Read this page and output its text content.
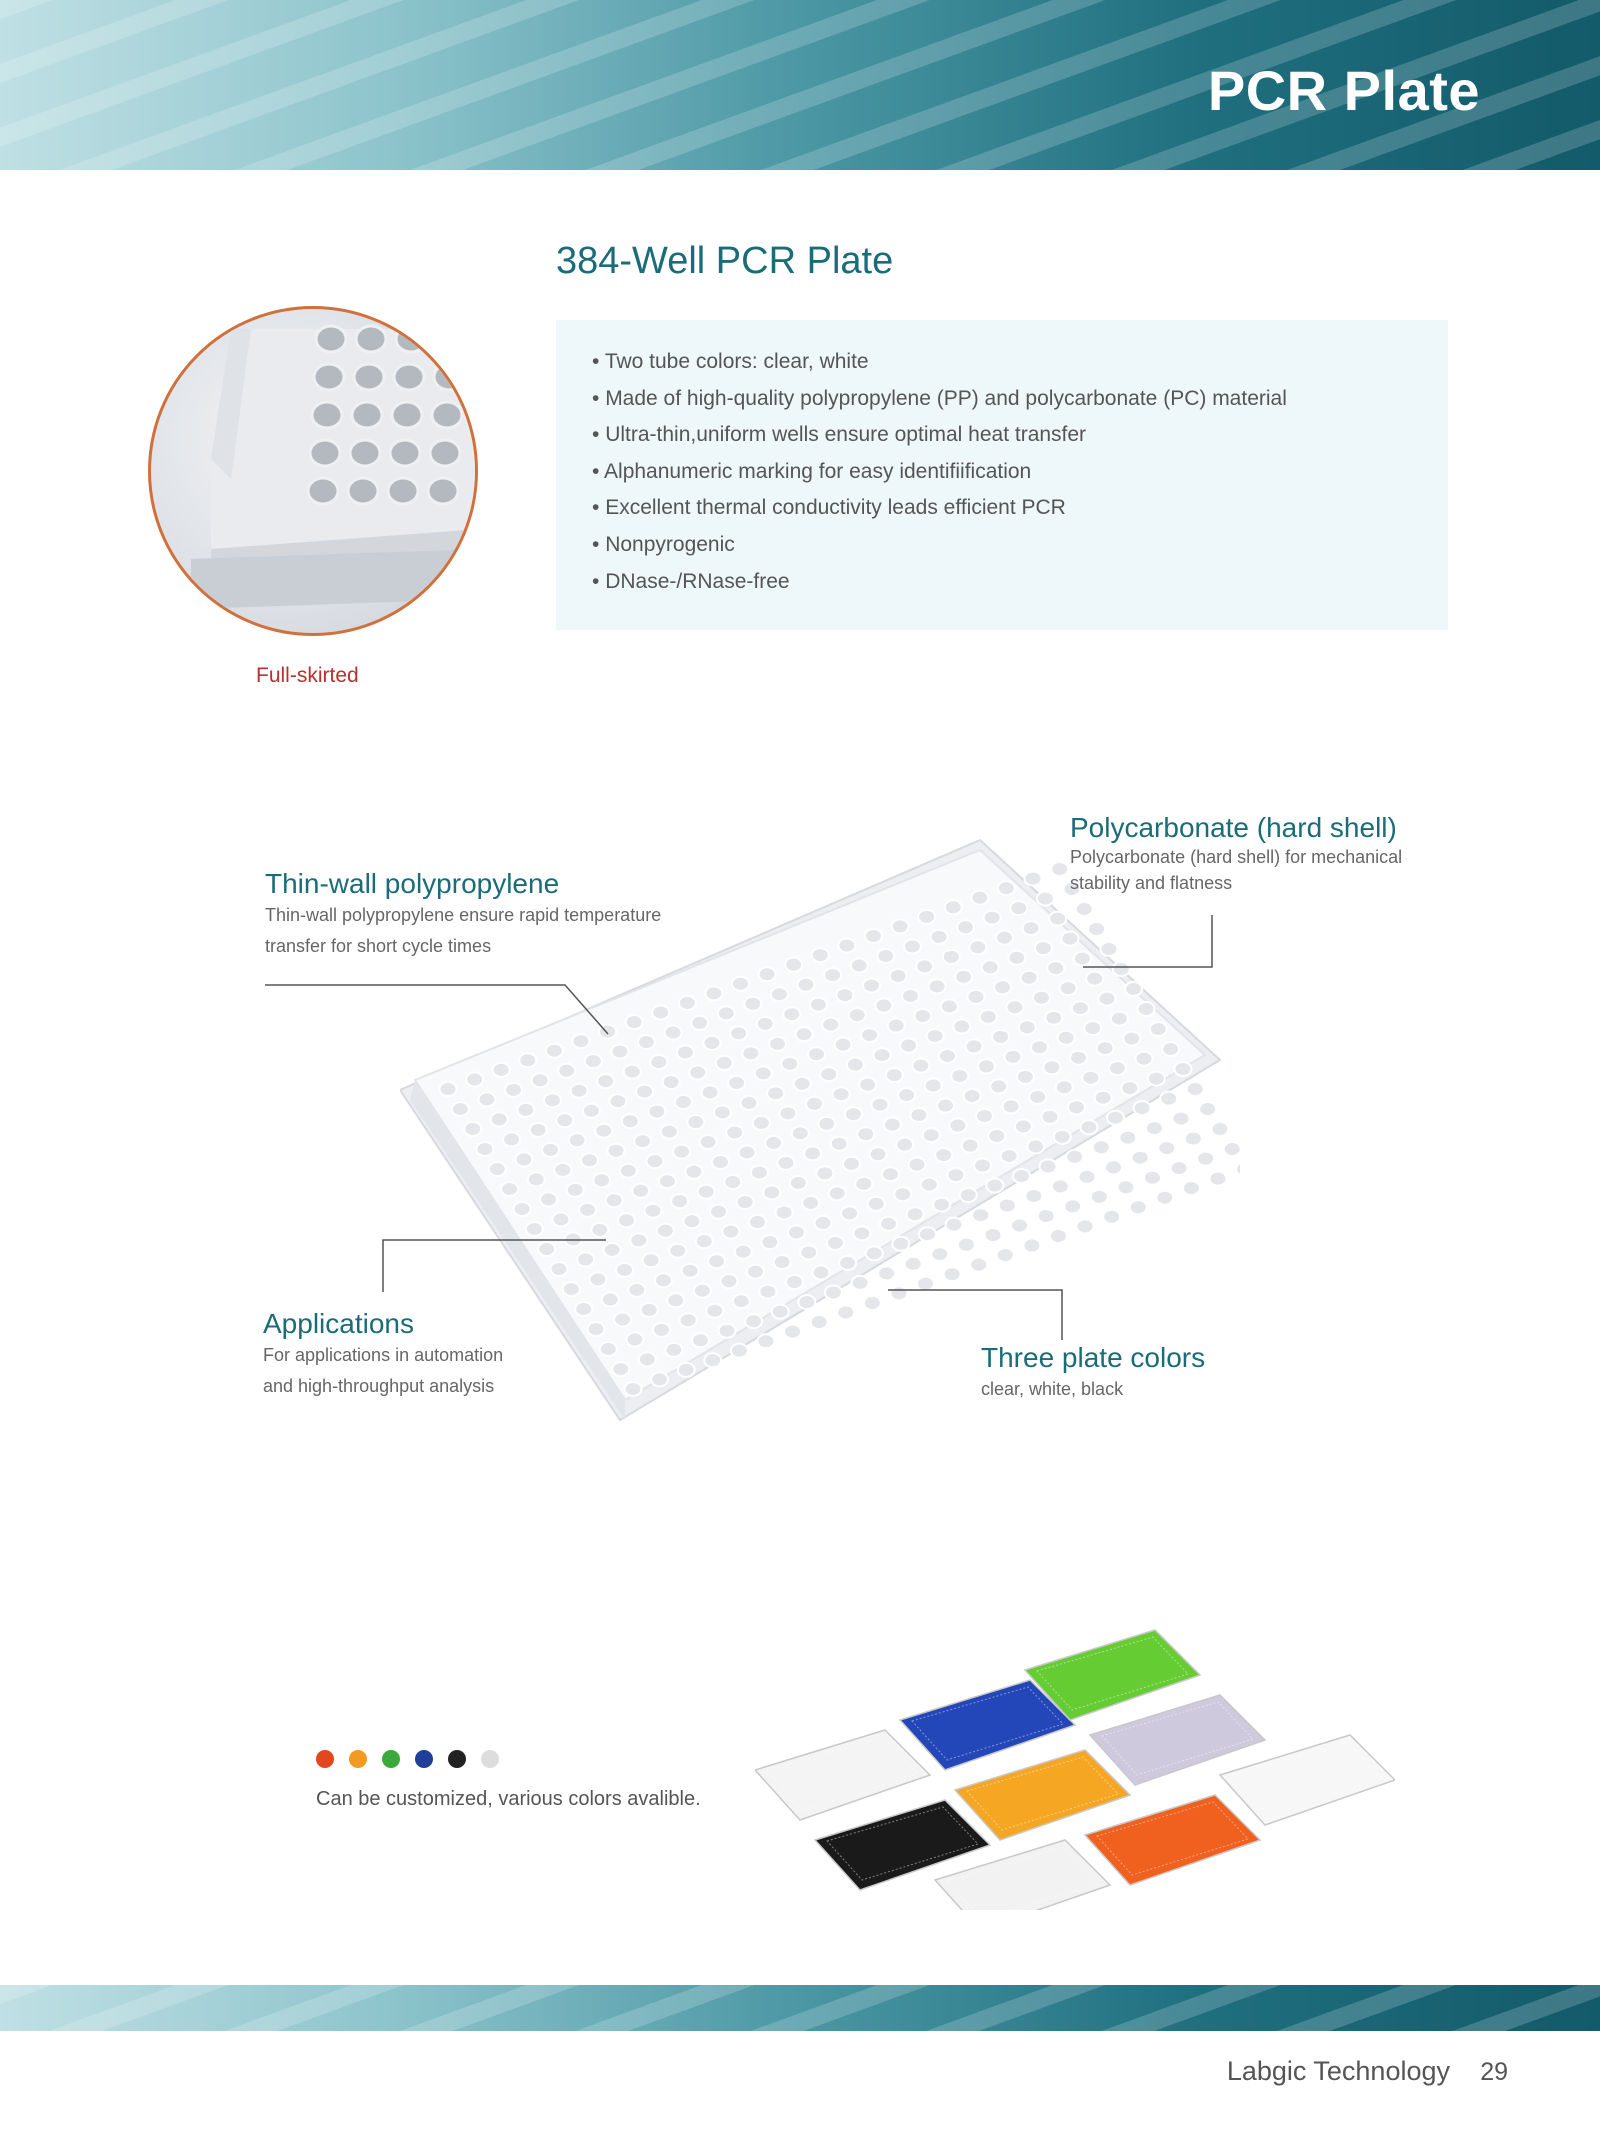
PCR Plate
384-Well PCR Plate
Full-skirted
• Two tube colors: clear, white
• Made of high-quality polypropylene (PP) and polycarbonate (PC) material
• Ultra-thin,uniform wells ensure optimal heat transfer
• Alphanumeric marking for easy identifiification
• Excellent thermal conductivity leads efficient PCR
• Nonpyrogenic
• DNase-/RNase-free
Polycarbonate (hard shell)
Polycarbonate (hard shell) for mechanical
stability and flatness
Thin-wall polypropylene
Thin-wall polypropylene ensure rapid temperature
transfer for short cycle times
Applications
For applications in automation
and high-throughput analysis
Three plate colors
clear, white, black
Can be customized, various colors avalible.
Labgic Technology 29
